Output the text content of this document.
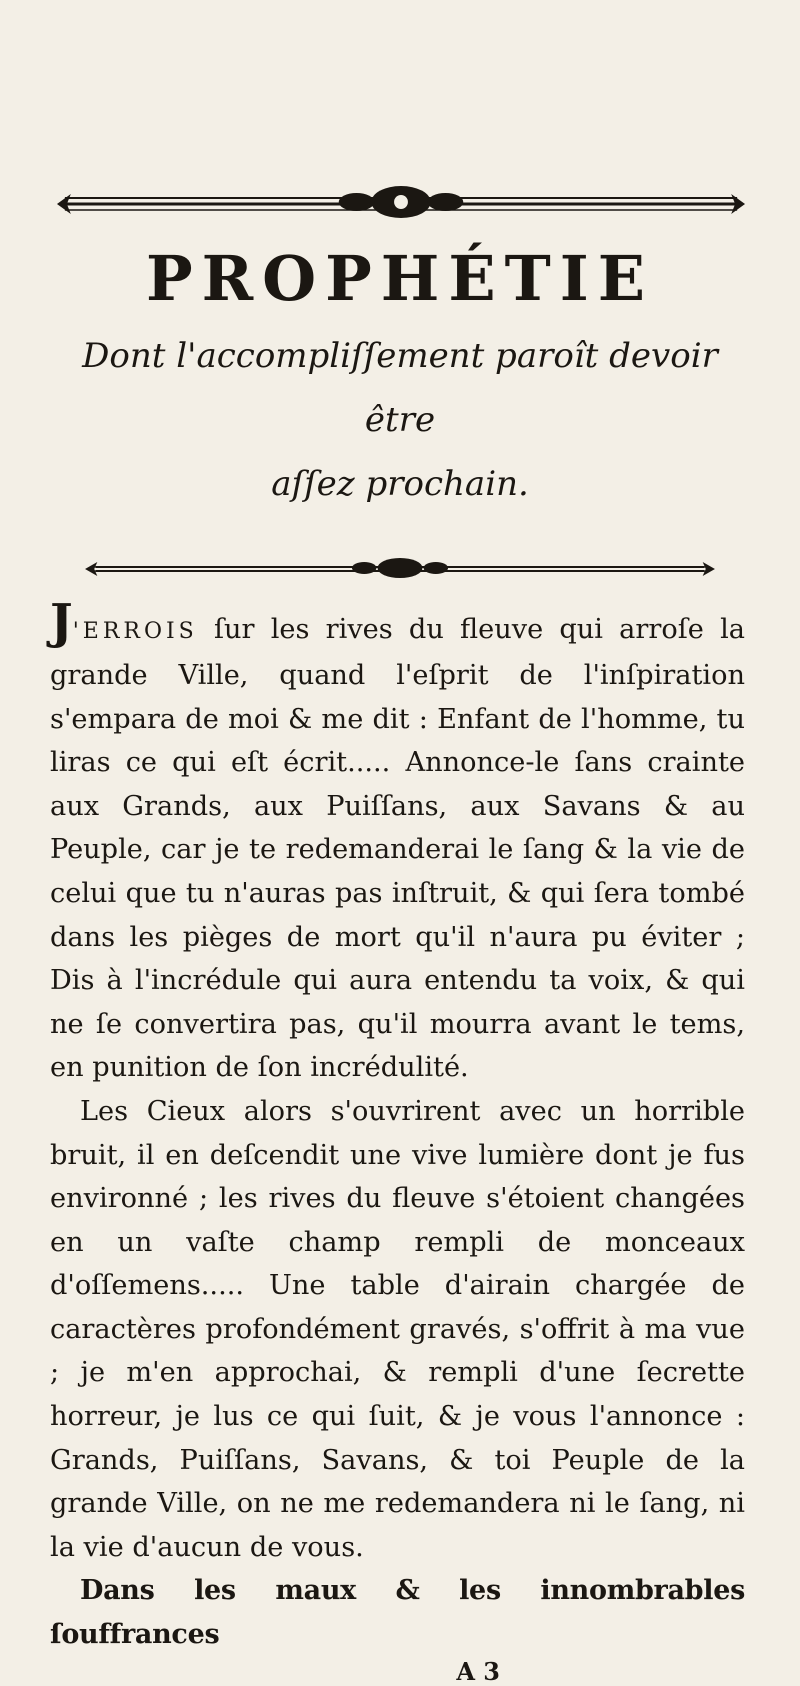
PROPHÉTIE
Dont l'accompliſſement paroît devoir être
aſſez prochain.

J'ERROIS ſur les rives du fleuve qui arroſe la grande Ville, quand l'eſprit de l'inſpiration s'empara de moi & me dit : Enfant de l'homme, tu liras ce qui eſt écrit..... Annonce-le ſans crainte aux Grands, aux Puiſſans, aux Savans & au Peuple, car je te redemanderai le ſang & la vie de celui que tu n'auras pas inſtruit, & qui ſera tombé dans les pièges de mort qu'il n'aura pu éviter ; Dis à l'incrédule qui aura entendu ta voix, & qui ne ſe convertira pas, qu'il mourra avant le tems, en punition de ſon incrédulité.

Les Cieux alors s'ouvrirent avec un horrible bruit, il en deſcendit une vive lumière dont je fus environné ; les rives du fleuve s'étoient changées en un vaſte champ rempli de monceaux d'oſſemens..... Une table d'airain chargée de caractères profondément gravés, s'offrit à ma vue ; je m'en approchai, & rempli d'une ſecrette horreur, je lus ce qui ſuit, & je vous l'annonce : Grands, Puiſſans, Savans, & toi Peuple de la grande Ville, on ne me redemandera ni le ſang, ni la vie d'aucun de vous.

Dans les maux & les innombrables ſouffrances

A 3
